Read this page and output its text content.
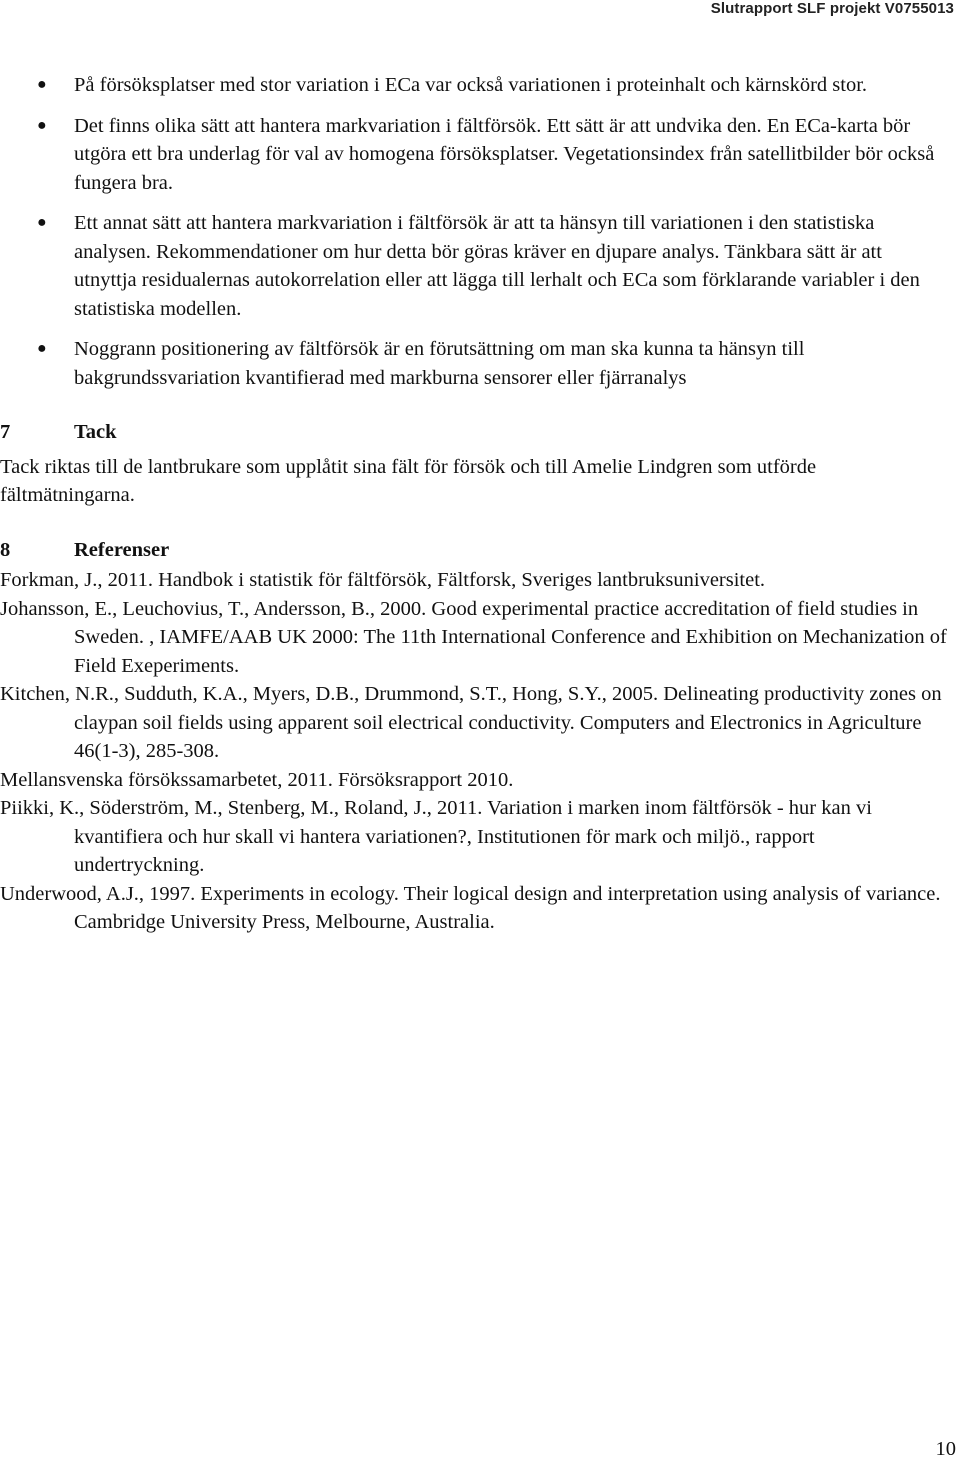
Slutrapport SLF projekt V0755013
● På försöksplatser med stor variation i ECa var också variationen i proteinhalt och kärnskörd stor.
● Det finns olika sätt att hantera markvariation i fältförsök. Ett sätt är att undvika den. En ECa-karta bör utgöra ett bra underlag för val av homogena försöksplatser. Vegetationsindex från satellitbilder bör också fungera bra.
● Ett annat sätt att hantera markvariation i fältförsök är att ta hänsyn till variationen i den statistiska analysen. Rekommendationer om hur detta bör göras kräver en djupare analys. Tänkbara sätt är att utnyttja residualernas autokorrelation eller att lägga till lerhalt och ECa som förklarande variabler i den statistiska modellen.
● Noggrann positionering av fältförsök är en förutsättning om man ska kunna ta hänsyn till bakgrundssvariation kvantifierad med markburna sensorer eller fjärranalys
7	Tack
Tack riktas till de lantbrukare som upplåtit sina fält för försök och till Amelie Lindgren som utförde fältmätningarna.
8	Referenser
Forkman, J., 2011. Handbok i statistik för fältförsök, Fältforsk, Sveriges lantbruksuniversitet.
Johansson, E., Leuchovius, T., Andersson, B., 2000. Good experimental practice accreditation of field studies in Sweden. , IAMFE/AAB UK 2000: The 11th International Conference and Exhibition on Mechanization of Field Exeperiments.
Kitchen, N.R., Sudduth, K.A., Myers, D.B., Drummond, S.T., Hong, S.Y., 2005. Delineating productivity zones on claypan soil fields using apparent soil electrical conductivity. Computers and Electronics in Agriculture 46(1-3), 285-308.
Mellansvenska försökssamarbetet, 2011. Försöksrapport 2010.
Piikki, K., Söderström, M., Stenberg, M., Roland, J., 2011. Variation i marken inom fältförsök - hur kan vi kvantifiera och hur skall vi hantera variationen?, Institutionen för mark och miljö., rapport undertryckning.
Underwood, A.J., 1997. Experiments in ecology. Their logical design and interpretation using analysis of variance. Cambridge University Press, Melbourne, Australia.
10
